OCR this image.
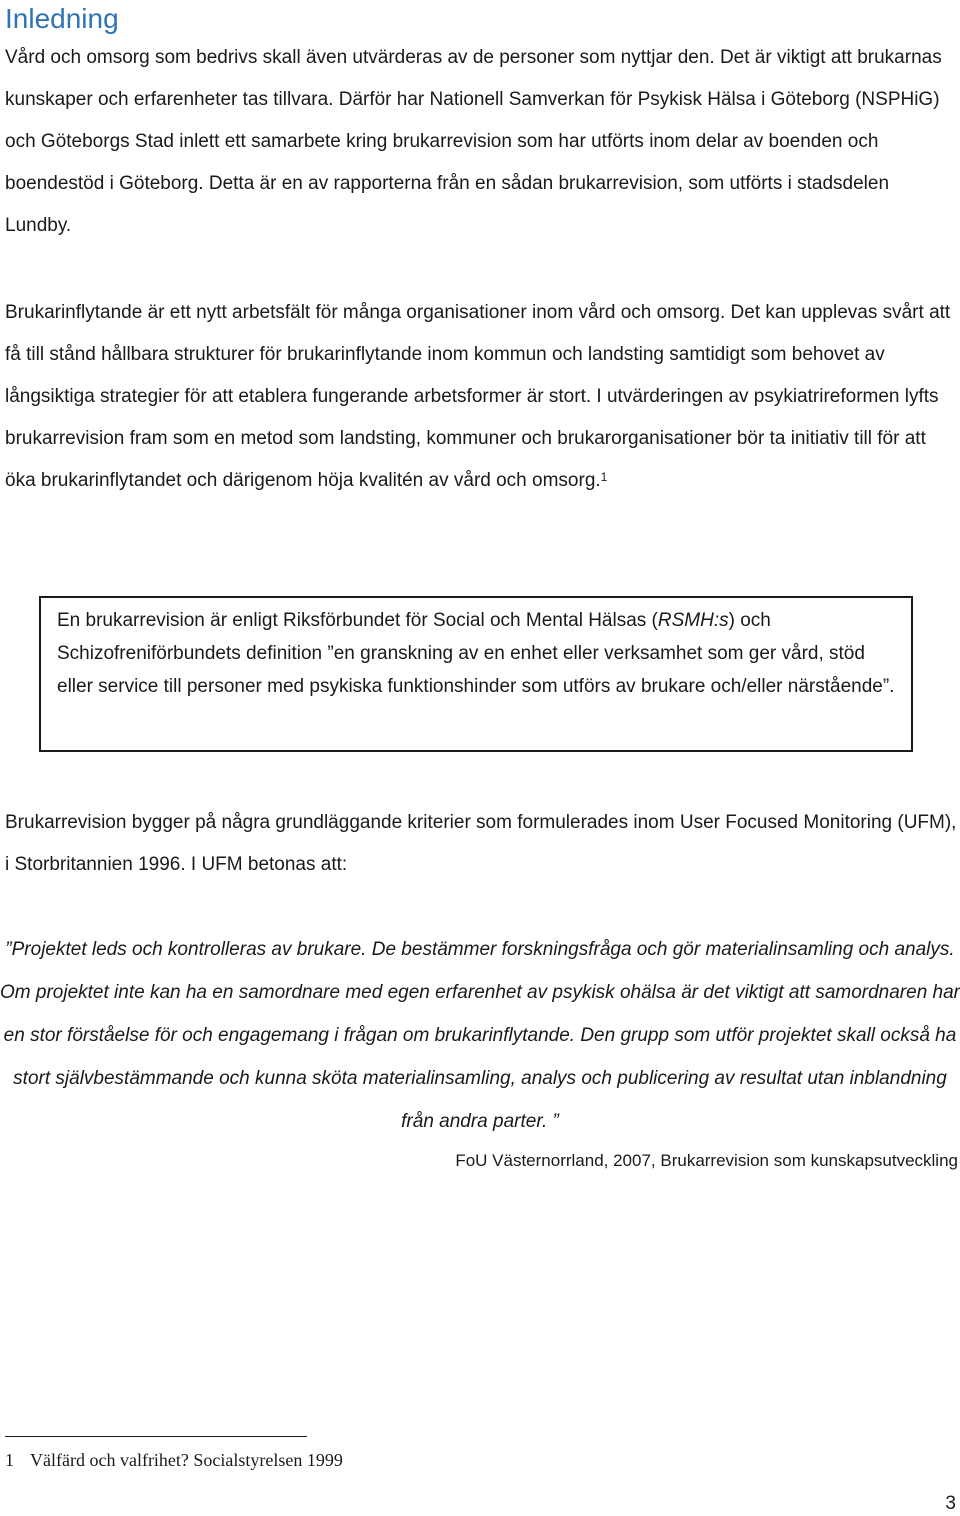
Inledning

Vård och omsorg som bedrivs skall även utvärderas av de personer som nyttjar den. Det är viktigt att brukarnas kunskaper och erfarenheter tas tillvara. Därför har Nationell Samverkan för Psykisk Hälsa i Göteborg (NSPHiG) och Göteborgs Stad inlett ett samarbete kring brukarrevision som har utförts inom delar av boenden och boendestöd i Göteborg. Detta är en av rapporterna från en sådan brukarrevision, som utförts i stadsdelen Lundby.

Brukarinflytande är ett nytt arbetsfält för många organisationer inom vård och omsorg. Det kan upplevas svårt att få till stånd hållbara strukturer för brukarinflytande inom kommun och landsting samtidigt som behovet av långsiktiga strategier för att etablera fungerande arbetsformer är stort. I utvärderingen av psykiatrireformen lyfts brukarrevision fram som en metod som landsting, kommuner och brukarorganisationer bör ta initiativ till för att öka brukarinflytandet och därigenom höja kvalitén av vård och omsorg.$^1$

En brukarrevision är enligt Riksförbundet för Social och Mental Hälsas (RSMH:s) och Schizofreniförbundets definition ”en granskning av en enhet eller verksamhet som ger vård, stöd eller service till personer med psykiska funktionshinder som utförs av brukare och/eller närstående”.

Brukarrevision bygger på några grundläggande kriterier som formulerades inom User Focused Monitoring (UFM), i Storbritannien 1996. I UFM betonas att:

”Projektet leds och kontrolleras av brukare. De bestämmer forskningsfråga och gör materialinsamling och analys. Om projektet inte kan ha en samordnare med egen erfarenhet av psykisk ohälsa är det viktigt att samordnaren har en stor förståelse för och engagemang i frågan om brukarinflytande. Den grupp som utför projektet skall också ha stort självbestämmande och kunna sköta materialinsamling, analys och publicering av resultat utan inblandning från andra parter. ”

FoU Västernorrland, 2007, Brukarrevision som kunskapsutveckling

1 Välfärd och valfrihet? Socialstyrelsen 1999

3
